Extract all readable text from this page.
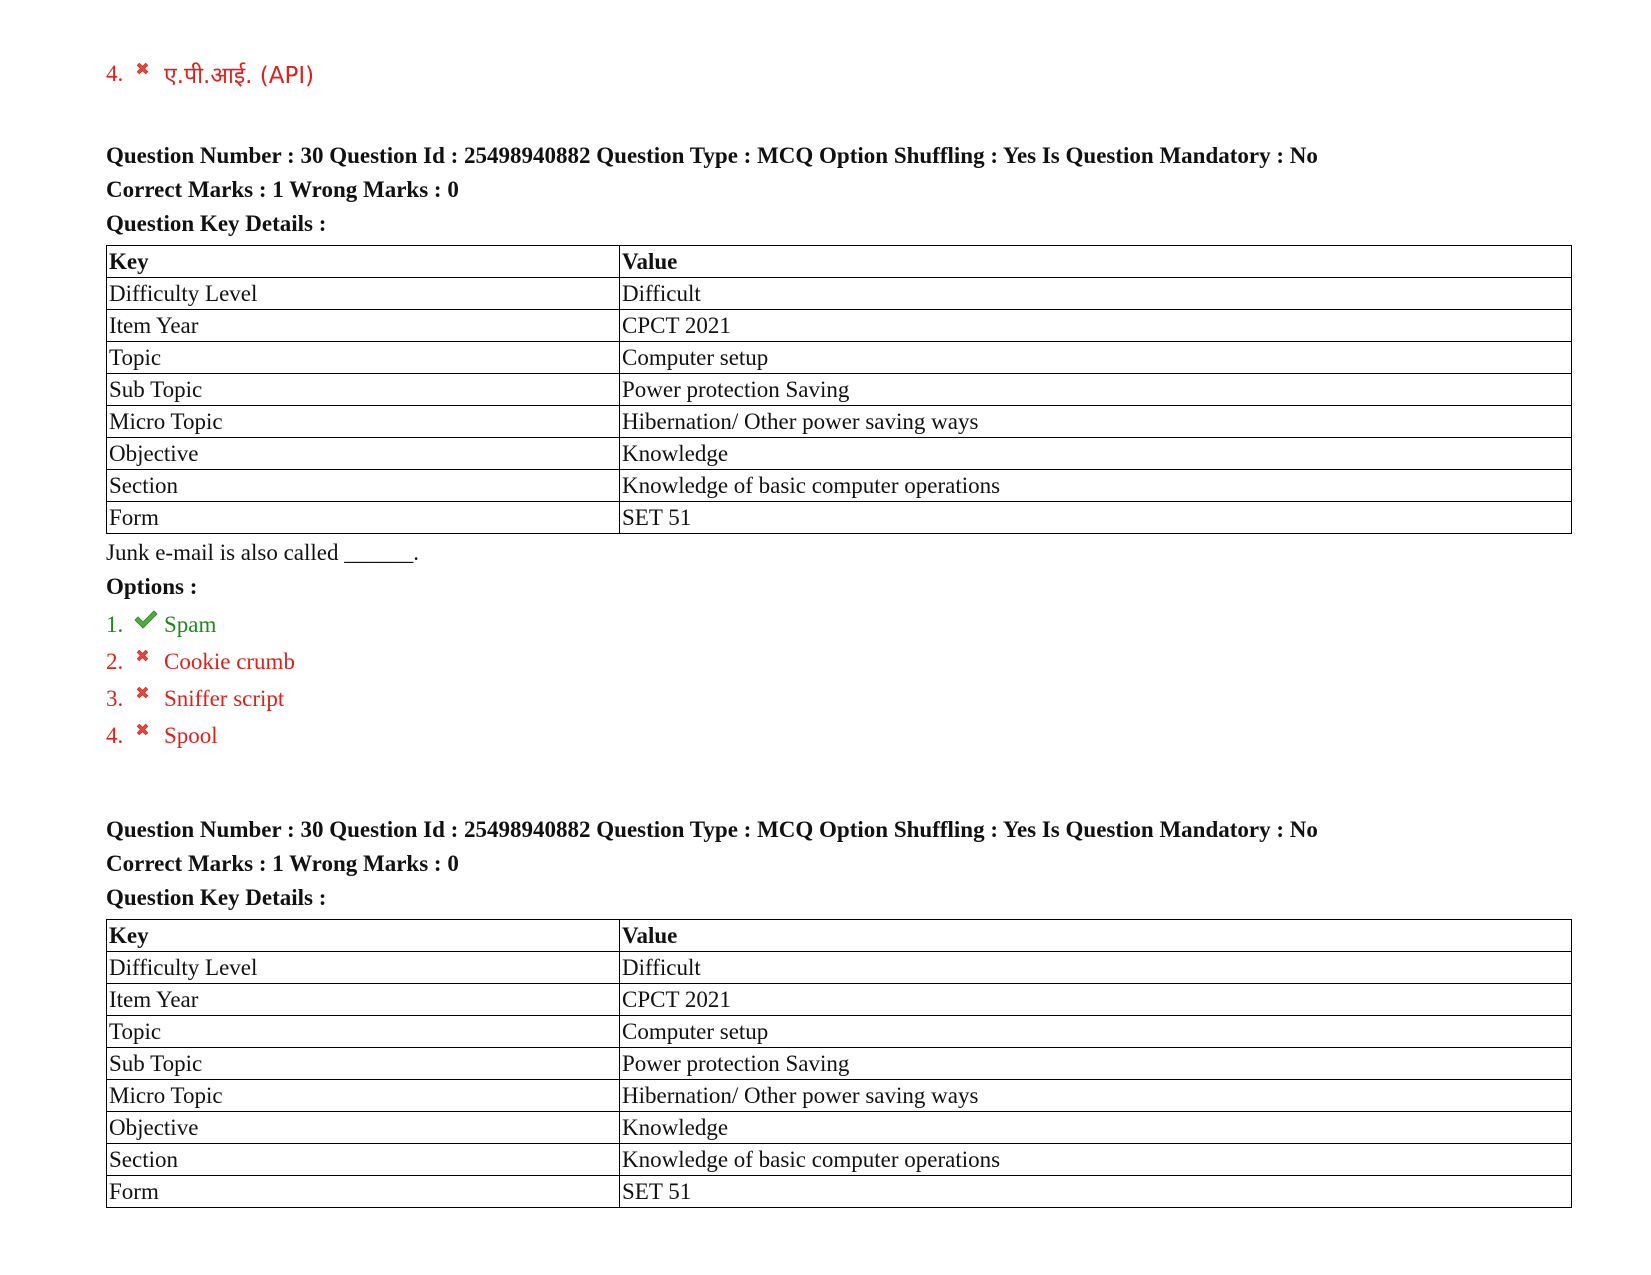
4.	ए.पी.आई. (API)
Question Number : 30 Question Id : 25498940882 Question Type : MCQ Option Shuffling : Yes Is Question Mandatory : No
Correct Marks : 1 Wrong Marks : 0
Question Key Details :
Key	Value
Difficulty Level	Difficult
Item Year	CPCT 2021
Topic	Computer setup
Sub Topic	Power protection Saving
Micro Topic	Hibernation/ Other power saving ways
Objective	Knowledge
Section	Knowledge of basic computer operations
Form	SET 51
Junk e-mail is also called ______.
Options :
1.	Spam
2.	Cookie crumb
3.	Sniffer script
4.	Spool
Question Number : 30 Question Id : 25498940882 Question Type : MCQ Option Shuffling : Yes Is Question Mandatory : No
Correct Marks : 1 Wrong Marks : 0
Question Key Details :
Key	Value
Difficulty Level	Difficult
Item Year	CPCT 2021
Topic	Computer setup
Sub Topic	Power protection Saving
Micro Topic	Hibernation/ Other power saving ways
Objective	Knowledge
Section	Knowledge of basic computer operations
Form	SET 51
